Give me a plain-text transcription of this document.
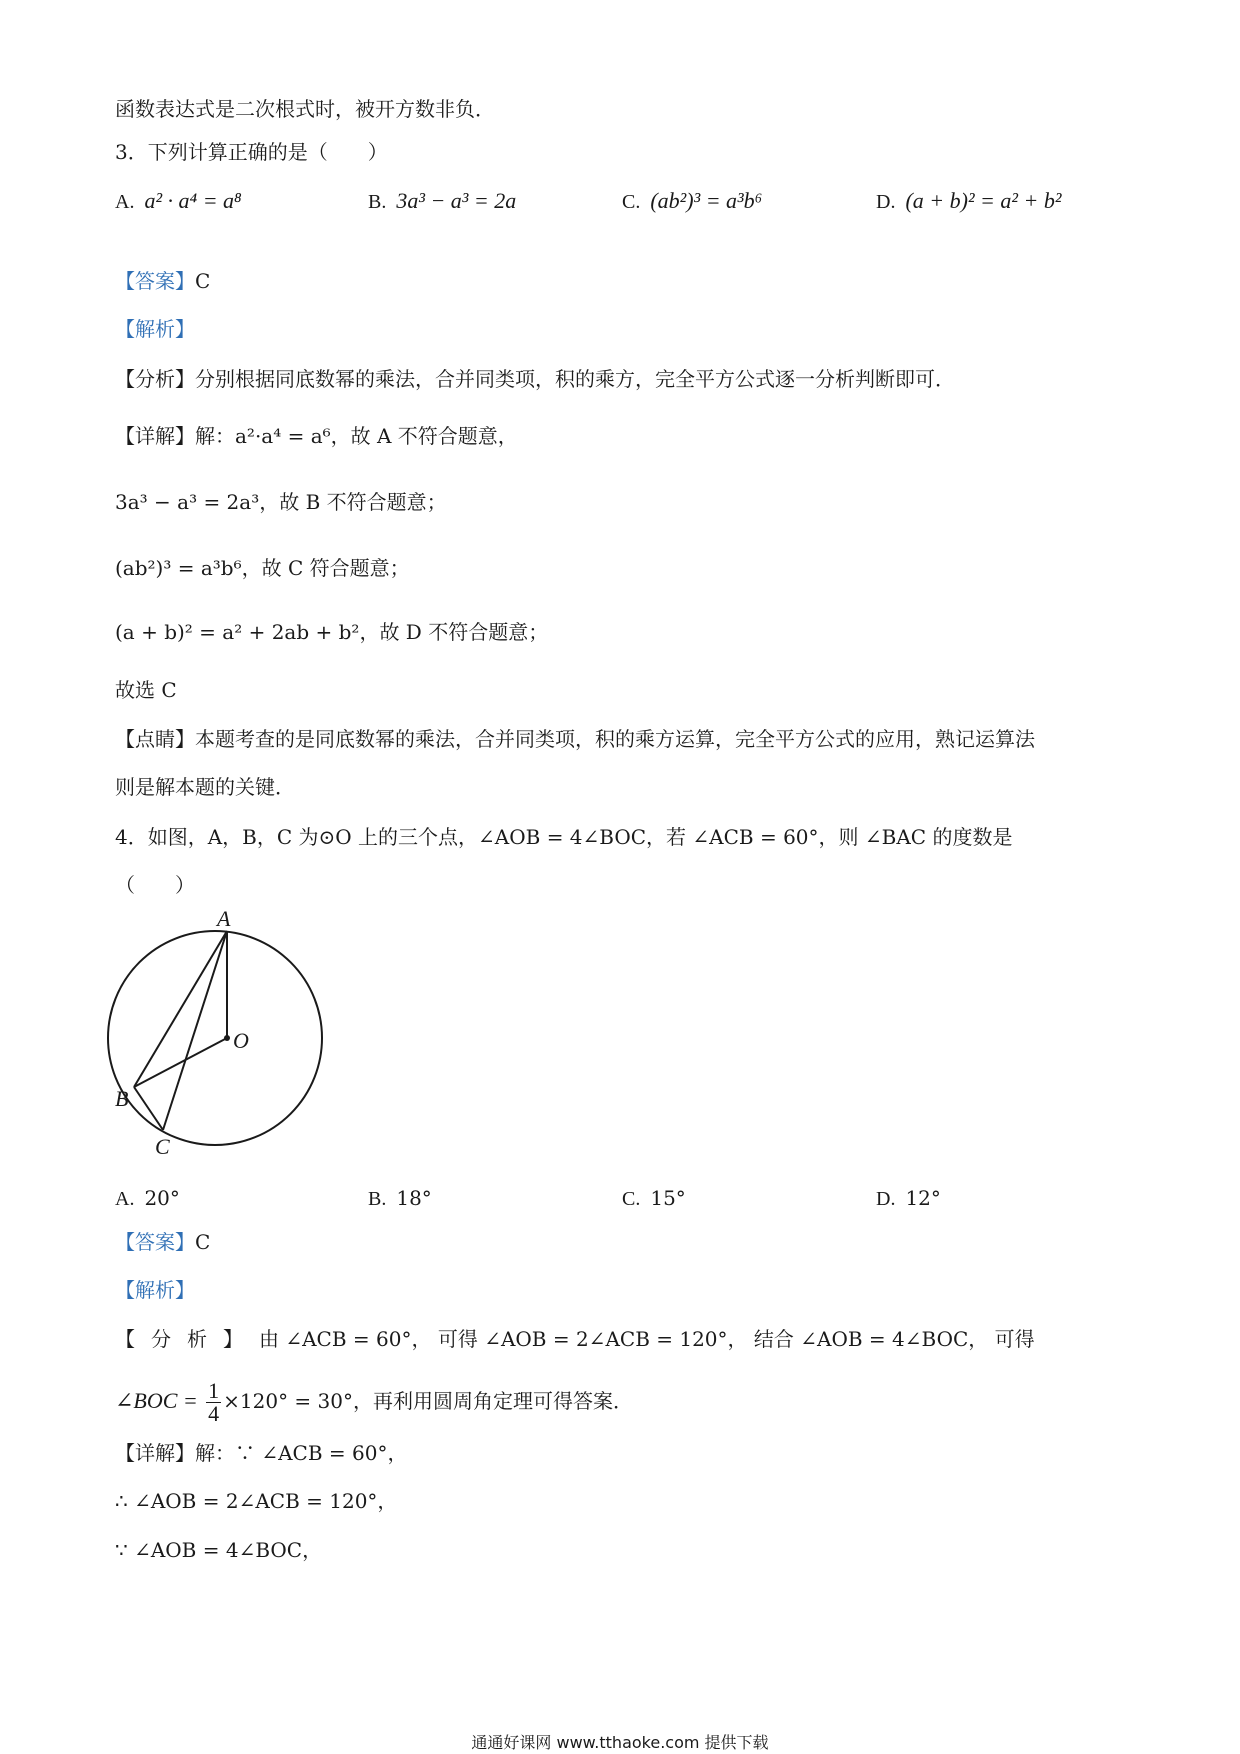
函数表达式是二次根式时，被开方数非负．
3．下列计算正确的是（　　）
A. a² · a⁴ = a⁸	B. 3a³ − a³ = 2a	C. (ab²)³ = a³b⁶	D. (a + b)² = a² + b²
【答案】C
【解析】
【分析】分别根据同底数幂的乘法，合并同类项，积的乘方，完全平方公式逐一分析判断即可．
【详解】解：a²·a⁴ = a⁶，故 A 不符合题意，
3a³ − a³ = 2a³，故 B 不符合题意；
(ab²)³ = a³b⁶，故 C 符合题意；
(a + b)² = a² + 2ab + b²，故 D 不符合题意；
故选 C
【点睛】本题考查的是同底数幂的乘法，合并同类项，积的乘方运算，完全平方公式的应用，熟记运算法
则是解本题的关键．
4．如图，A，B，C 为⊙O 上的三个点，∠AOB = 4∠BOC，若 ∠ACB = 60°，则 ∠BAC 的度数是
（　　）
A
O
B
C
A. 20°	B. 18°	C. 15°	D. 12°
【答案】C
【解析】
【分析】由 ∠ACB = 60°， 可得 ∠AOB = 2∠ACB = 120°， 结合 ∠AOB = 4∠BOC， 可得
∠BOC = $\frac{1}{4} \times 120^\circ = 30^\circ$，再利用圆周角定理可得答案．
【详解】解：∵ ∠ACB = 60°，
∴ ∠AOB = 2∠ACB = 120°，
∵ ∠AOB = 4∠BOC，
通通好课网 www.tthaoke.com 提供下载
